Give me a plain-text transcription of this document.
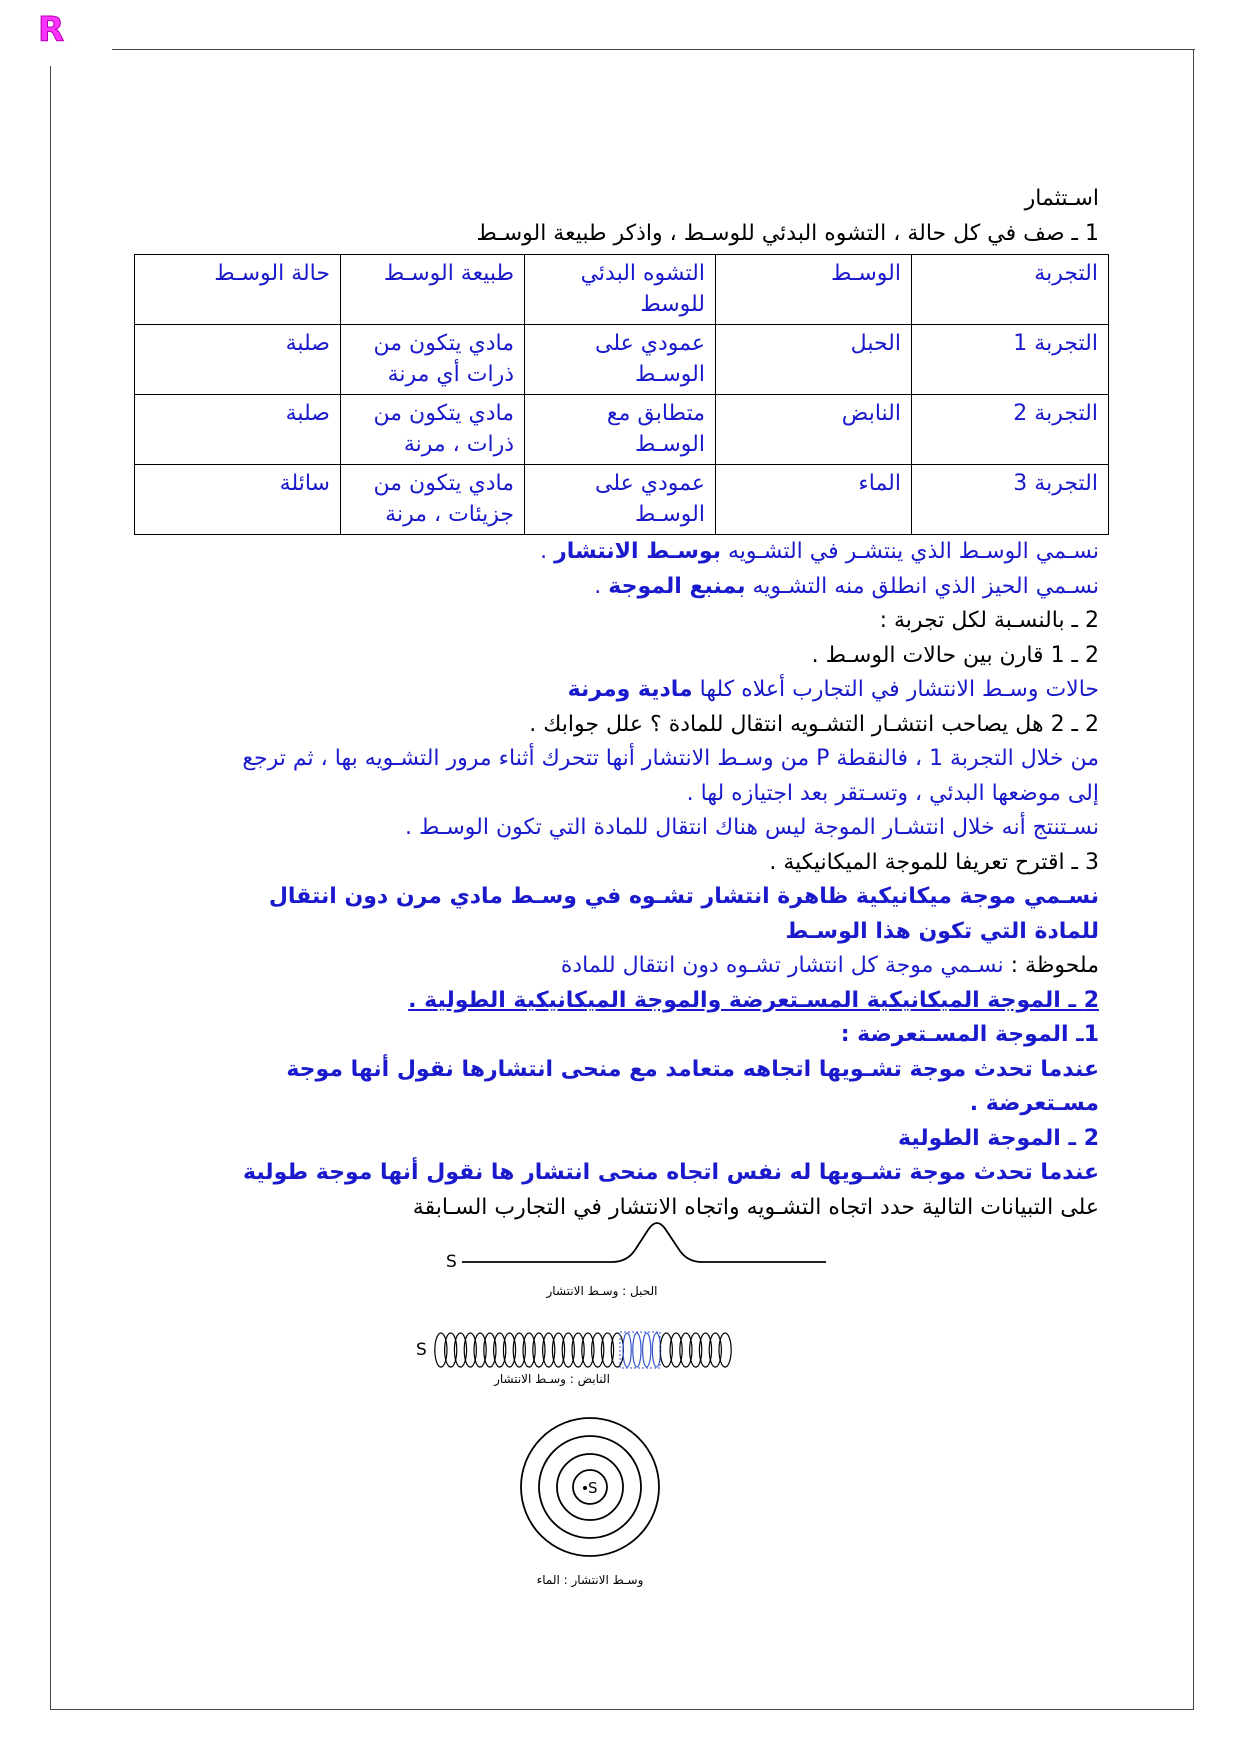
R

اسـتثمار

1 ـ صف في كل حالة ، التشوه البدئي للوسـط ، واذكر طبيعة الوسـط

التجربة	الوسـط	التشوه البدئي للوسط	طبيعة الوسـط	حالة الوسـط
التجربة 1	الحبل	عمودي على الوسـط	مادي يتكون من ذرات أي مرنة	صلبة
التجربة 2	النابض	متطابق مع الوسـط	مادي يتكون من ذرات ، مرنة	صلبة
التجربة 3	الماء	عمودي على الوسـط	مادي يتكون من جزيئات ، مرنة	سائلة

نسـمي الوسـط الذي ينتشـر في التشـويه بوسـط الانتشار .

نسـمي الحيز الذي انطلق منه التشـويه بمنبع الموجة .

2 ـ بالنسـبة لكل تجربة :

2 ـ 1 قارن بين حالات الوسـط .

حالات وسـط الانتشار في التجارب أعلاه كلها مادية ومرنة

2 ـ 2 هل يصاحب انتشـار التشـويه انتقال للمادة ؟ علل جوابك .

من خلال التجربة 1 ، فالنقطة P من وسـط الانتشار أنها تتحرك أثناء مرور التشـويه بها ، ثم ترجع

إلى موضعها البدئي ، وتسـتقر بعد اجتيازه لها .

نسـتنتج أنه خلال انتشـار الموجة ليس هناك انتقال للمادة التي تكون الوسـط .

3 ـ اقترح تعريفا للموجة الميكانيكية .

نسـمي موجة ميكانيكية ظاهرة انتشار تشـوه في وسـط مادي مرن دون انتقال

للمادة التي تكون هذا الوسـط

ملحوظة : نسـمي موجة كل انتشار تشـوه دون انتقال للمادة

2 ـ الموجة الميكانيكية المسـتعرضة والموجة الميكانيكية الطولية .

1ـ الموجة المسـتعرضة :

عندما تحدث موجة تشـويها اتجاهه متعامد مع منحى انتشارها نقول أنها موجة

مسـتعرضة .

2 ـ الموجة الطولية

عندما تحدث موجة تشـويها له نفس اتجاه منحى انتشار ها نقول أنها موجة طولية

على التبيانات التالية حدد اتجاه التشـويه واتجاه الانتشار في التجارب السـابقة

S
الحبل : وسـط الانتشار
S
النابض : وسـط الانتشار
S
وسـط الانتشار : الماء
